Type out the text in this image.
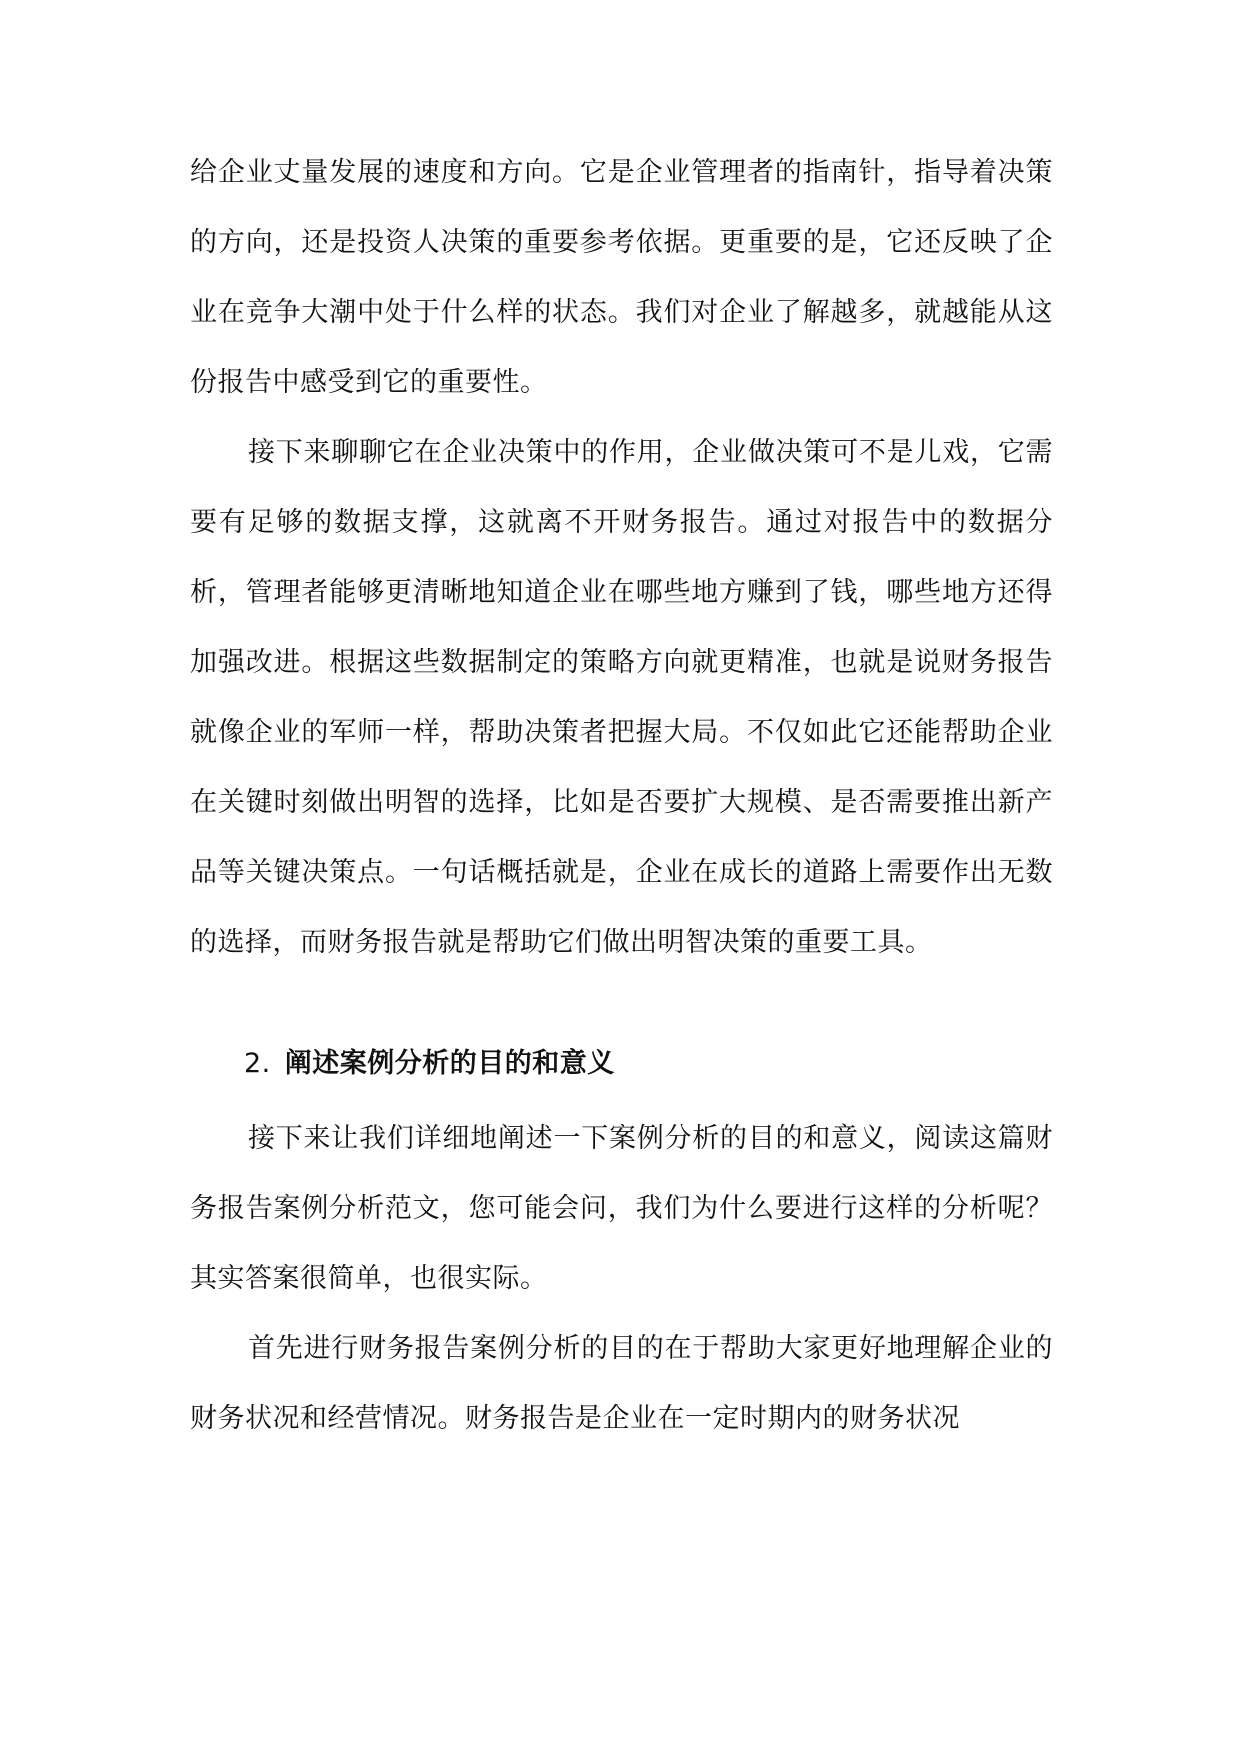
给企业丈量发展的速度和方向。它是企业管理者的指南针，指导着决策的方向，还是投资人决策的重要参考依据。更重要的是，它还反映了企业在竞争大潮中处于什么样的状态。我们对企业了解越多，就越能从这份报告中感受到它的重要性。

接下来聊聊它在企业决策中的作用，企业做决策可不是儿戏，它需要有足够的数据支撑，这就离不开财务报告。通过对报告中的数据分析，管理者能够更清晰地知道企业在哪些地方赚到了钱，哪些地方还得加强改进。根据这些数据制定的策略方向就更精准，也就是说财务报告就像企业的军师一样，帮助决策者把握大局。不仅如此它还能帮助企业在关键时刻做出明智的选择，比如是否要扩大规模、是否需要推出新产品等关键决策点。一句话概括就是，企业在成长的道路上需要作出无数的选择，而财务报告就是帮助它们做出明智决策的重要工具。

2. 阐述案例分析的目的和意义

接下来让我们详细地阐述一下案例分析的目的和意义，阅读这篇财务报告案例分析范文，您可能会问，我们为什么要进行这样的分析呢？其实答案很简单，也很实际。

首先进行财务报告案例分析的目的在于帮助大家更好地理解企业的财务状况和经营情况。财务报告是企业在一定时期内的财务状况
